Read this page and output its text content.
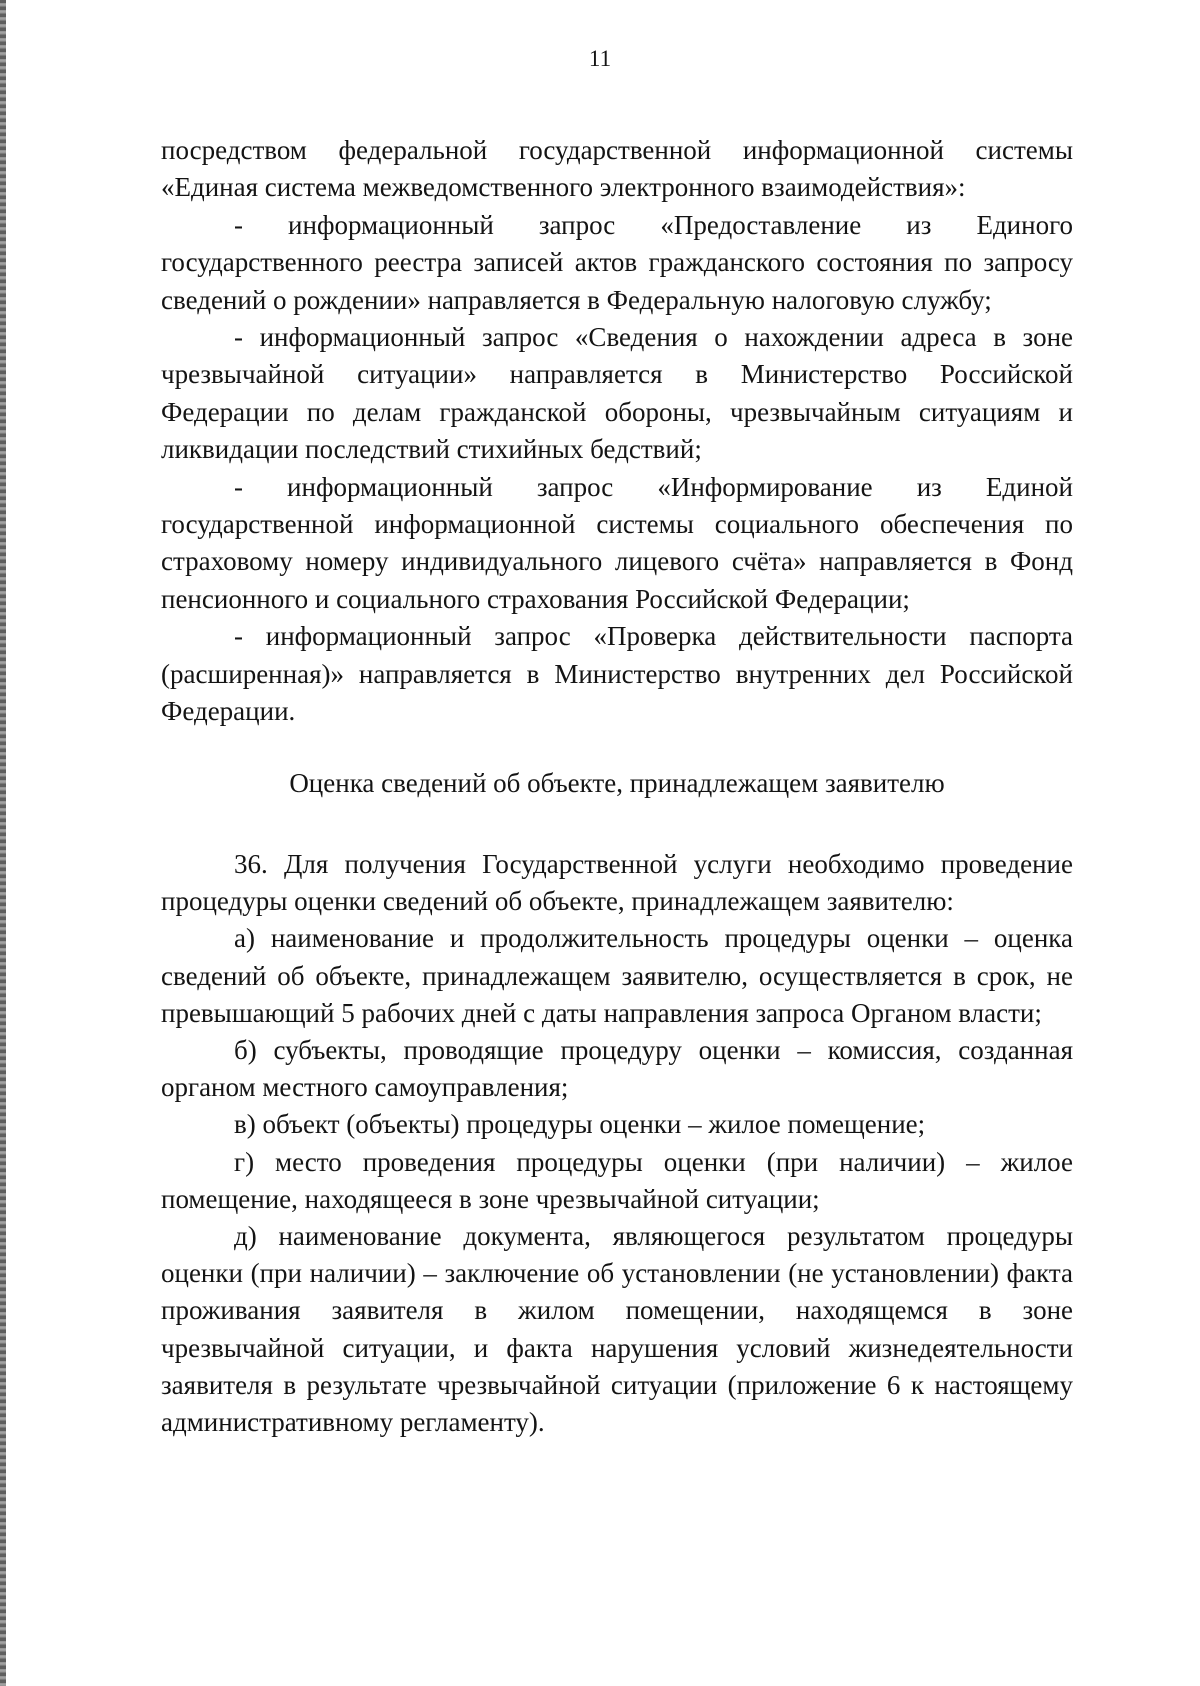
11

посредством федеральной государственной информационной системы «Единая система межведомственного электронного взаимодействия»:

- информационный запрос «Предоставление из Единого государственного реестра записей актов гражданского состояния по запросу сведений о рождении» направляется в Федеральную налоговую службу;

- информационный запрос «Сведения о нахождении адреса в зоне чрезвычайной ситуации» направляется в Министерство Российской Федерации по делам гражданской обороны, чрезвычайным ситуациям и ликвидации последствий стихийных бедствий;

- информационный запрос «Информирование из Единой государственной информационной системы социального обеспечения по страховому номеру индивидуального лицевого счёта» направляется в Фонд пенсионного и социального страхования Российской Федерации;

- информационный запрос «Проверка действительности паспорта (расширенная)» направляется в Министерство внутренних дел Российской Федерации.

Оценка сведений об объекте, принадлежащем заявителю

36. Для получения Государственной услуги необходимо проведение процедуры оценки сведений об объекте, принадлежащем заявителю:

а) наименование и продолжительность процедуры оценки – оценка сведений об объекте, принадлежащем заявителю, осуществляется в срок, не превышающий 5 рабочих дней с даты направления запроса Органом власти;

б) субъекты, проводящие процедуру оценки – комиссия, созданная органом местного самоуправления;

в) объект (объекты) процедуры оценки – жилое помещение;

г) место проведения процедуры оценки (при наличии) – жилое помещение, находящееся в зоне чрезвычайной ситуации;

д) наименование документа, являющегося результатом процедуры оценки (при наличии) – заключение об установлении (не установлении) факта проживания заявителя в жилом помещении, находящемся в зоне чрезвычайной ситуации, и факта нарушения условий жизнедеятельности заявителя в результате чрезвычайной ситуации (приложение 6 к настоящему административному регламенту).
